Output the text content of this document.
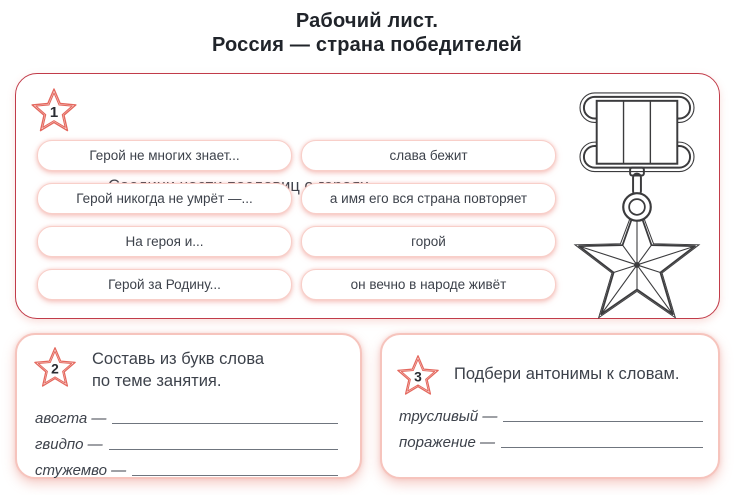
Рабочий лист.
Россия — страна победителей
1
Герой не многих знает...	слава бежит
Герой никогда не умрёт —...	а имя его вся страна повторяет
На героя и...	горой
Герой за Родину...	он вечно в народе живёт
2
Составь из букв слова
по теме занятия.
авогта —
гвидпо —
стужемво —
3 Подбери антонимы к словам.
трусливый —
поражение —
